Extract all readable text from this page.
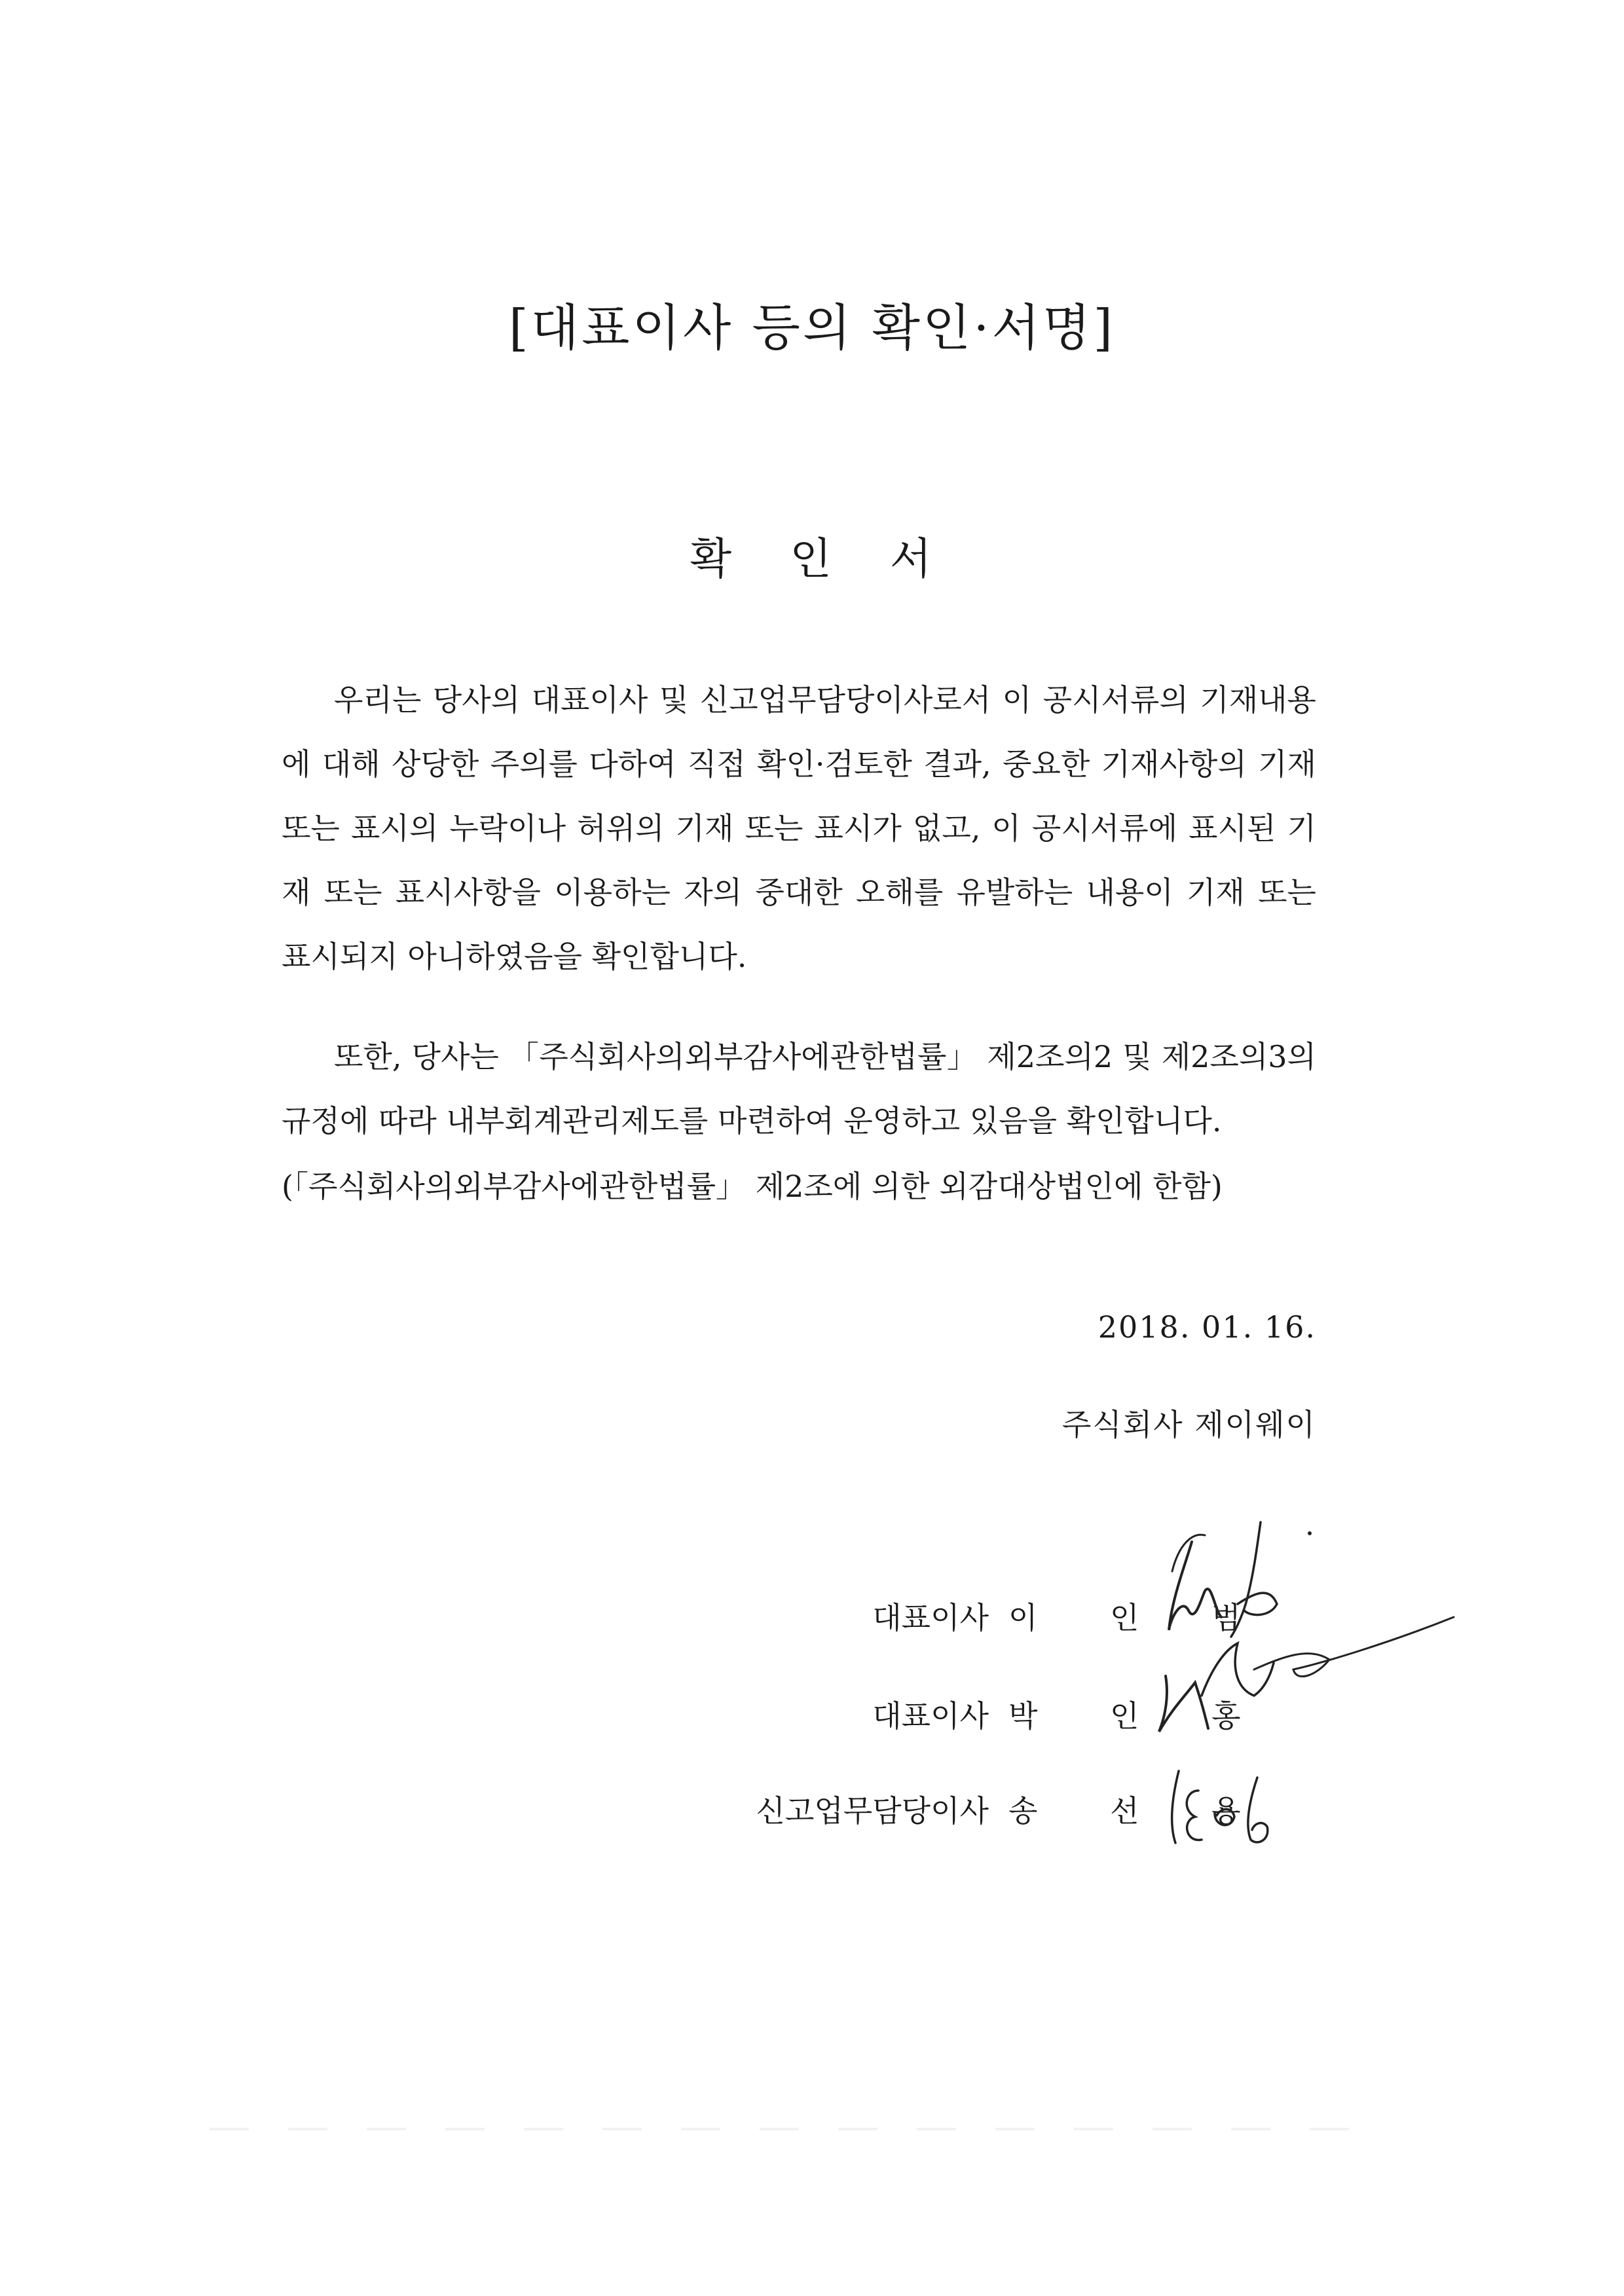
[대표이사 등의 확인·서명]
확 인 서

우리는 당사의 대표이사 및 신고업무담당이사로서 이 공시서류의 기재내용에 대해 상당한 주의를 다하여 직접 확인·검토한 결과, 중요한 기재사항의 기재 또는 표시의 누락이나 허위의 기재 또는 표시가 없고, 이 공시서류에 표시된 기재 또는 표시사항을 이용하는 자의 중대한 오해를 유발하는 내용이 기재 또는 표시되지 아니하였음을 확인합니다.

또한, 당사는 「주식회사의외부감사에관한법률」 제2조의2 및 제2조의3의 규정에 따라 내부회계관리제도를 마련하여 운영하고 있음을 확인합니다.

(「주식회사의외부감사에관한법률」 제2조에 의한 외감대상법인에 한함)

2018. 01. 16.
주식회사 제이웨이
대표이사 이 인 범
대표이사 박 인 홍
신고업무담당이사 송 선 용
